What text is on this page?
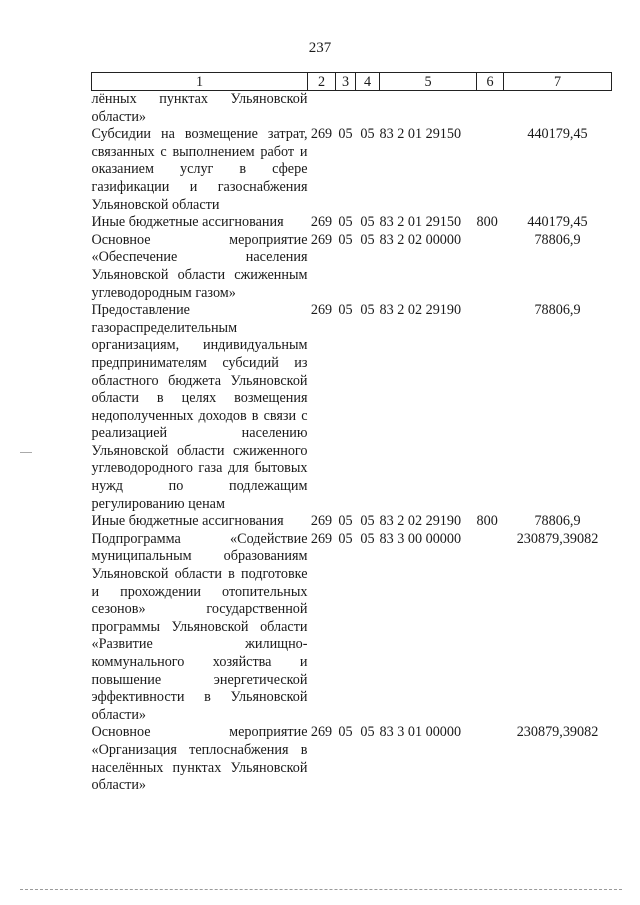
237
1	2	3	4	5	6	7
лённых пунктах Ульяновской области»						
Субсидии на возмещение затрат, связанных с выполнением работ и оказанием услуг в сфере газификации и газоснабжения Ульяновской области	269	05	05	83 2 01 29150		440179,45
Иные бюджетные ассигнования	269	05	05	83 2 01 29150	800	440179,45
Основное мероприятие «Обеспечение населения Ульяновской области сжиженным углеводородным газом»	269	05	05	83 2 02 00000		78806,9
Предоставление газораспределительным организациям, индивидуальным предпринимателям субсидий из областного бюджета Ульяновской области в целях возмещения недополученных доходов в связи с реализацией населению Ульяновской области сжиженного углеводородного газа для бытовых нужд по подлежащим регулированию ценам	269	05	05	83 2 02 29190		78806,9
Иные бюджетные ассигнования	269	05	05	83 2 02 29190	800	78806,9
Подпрограмма «Содействие муниципальным образованиям Ульяновской области в подготовке и прохождении отопительных сезонов» государственной программы Ульяновской области «Развитие жилищно-коммунального хозяйства и повышение энергетической эффективности в Ульяновской области»	269	05	05	83 3 00 00000		230879,39082
Основное мероприятие «Организация теплоснабжения в населённых пунктах Ульяновской области»	269	05	05	83 3 01 00000		230879,39082
